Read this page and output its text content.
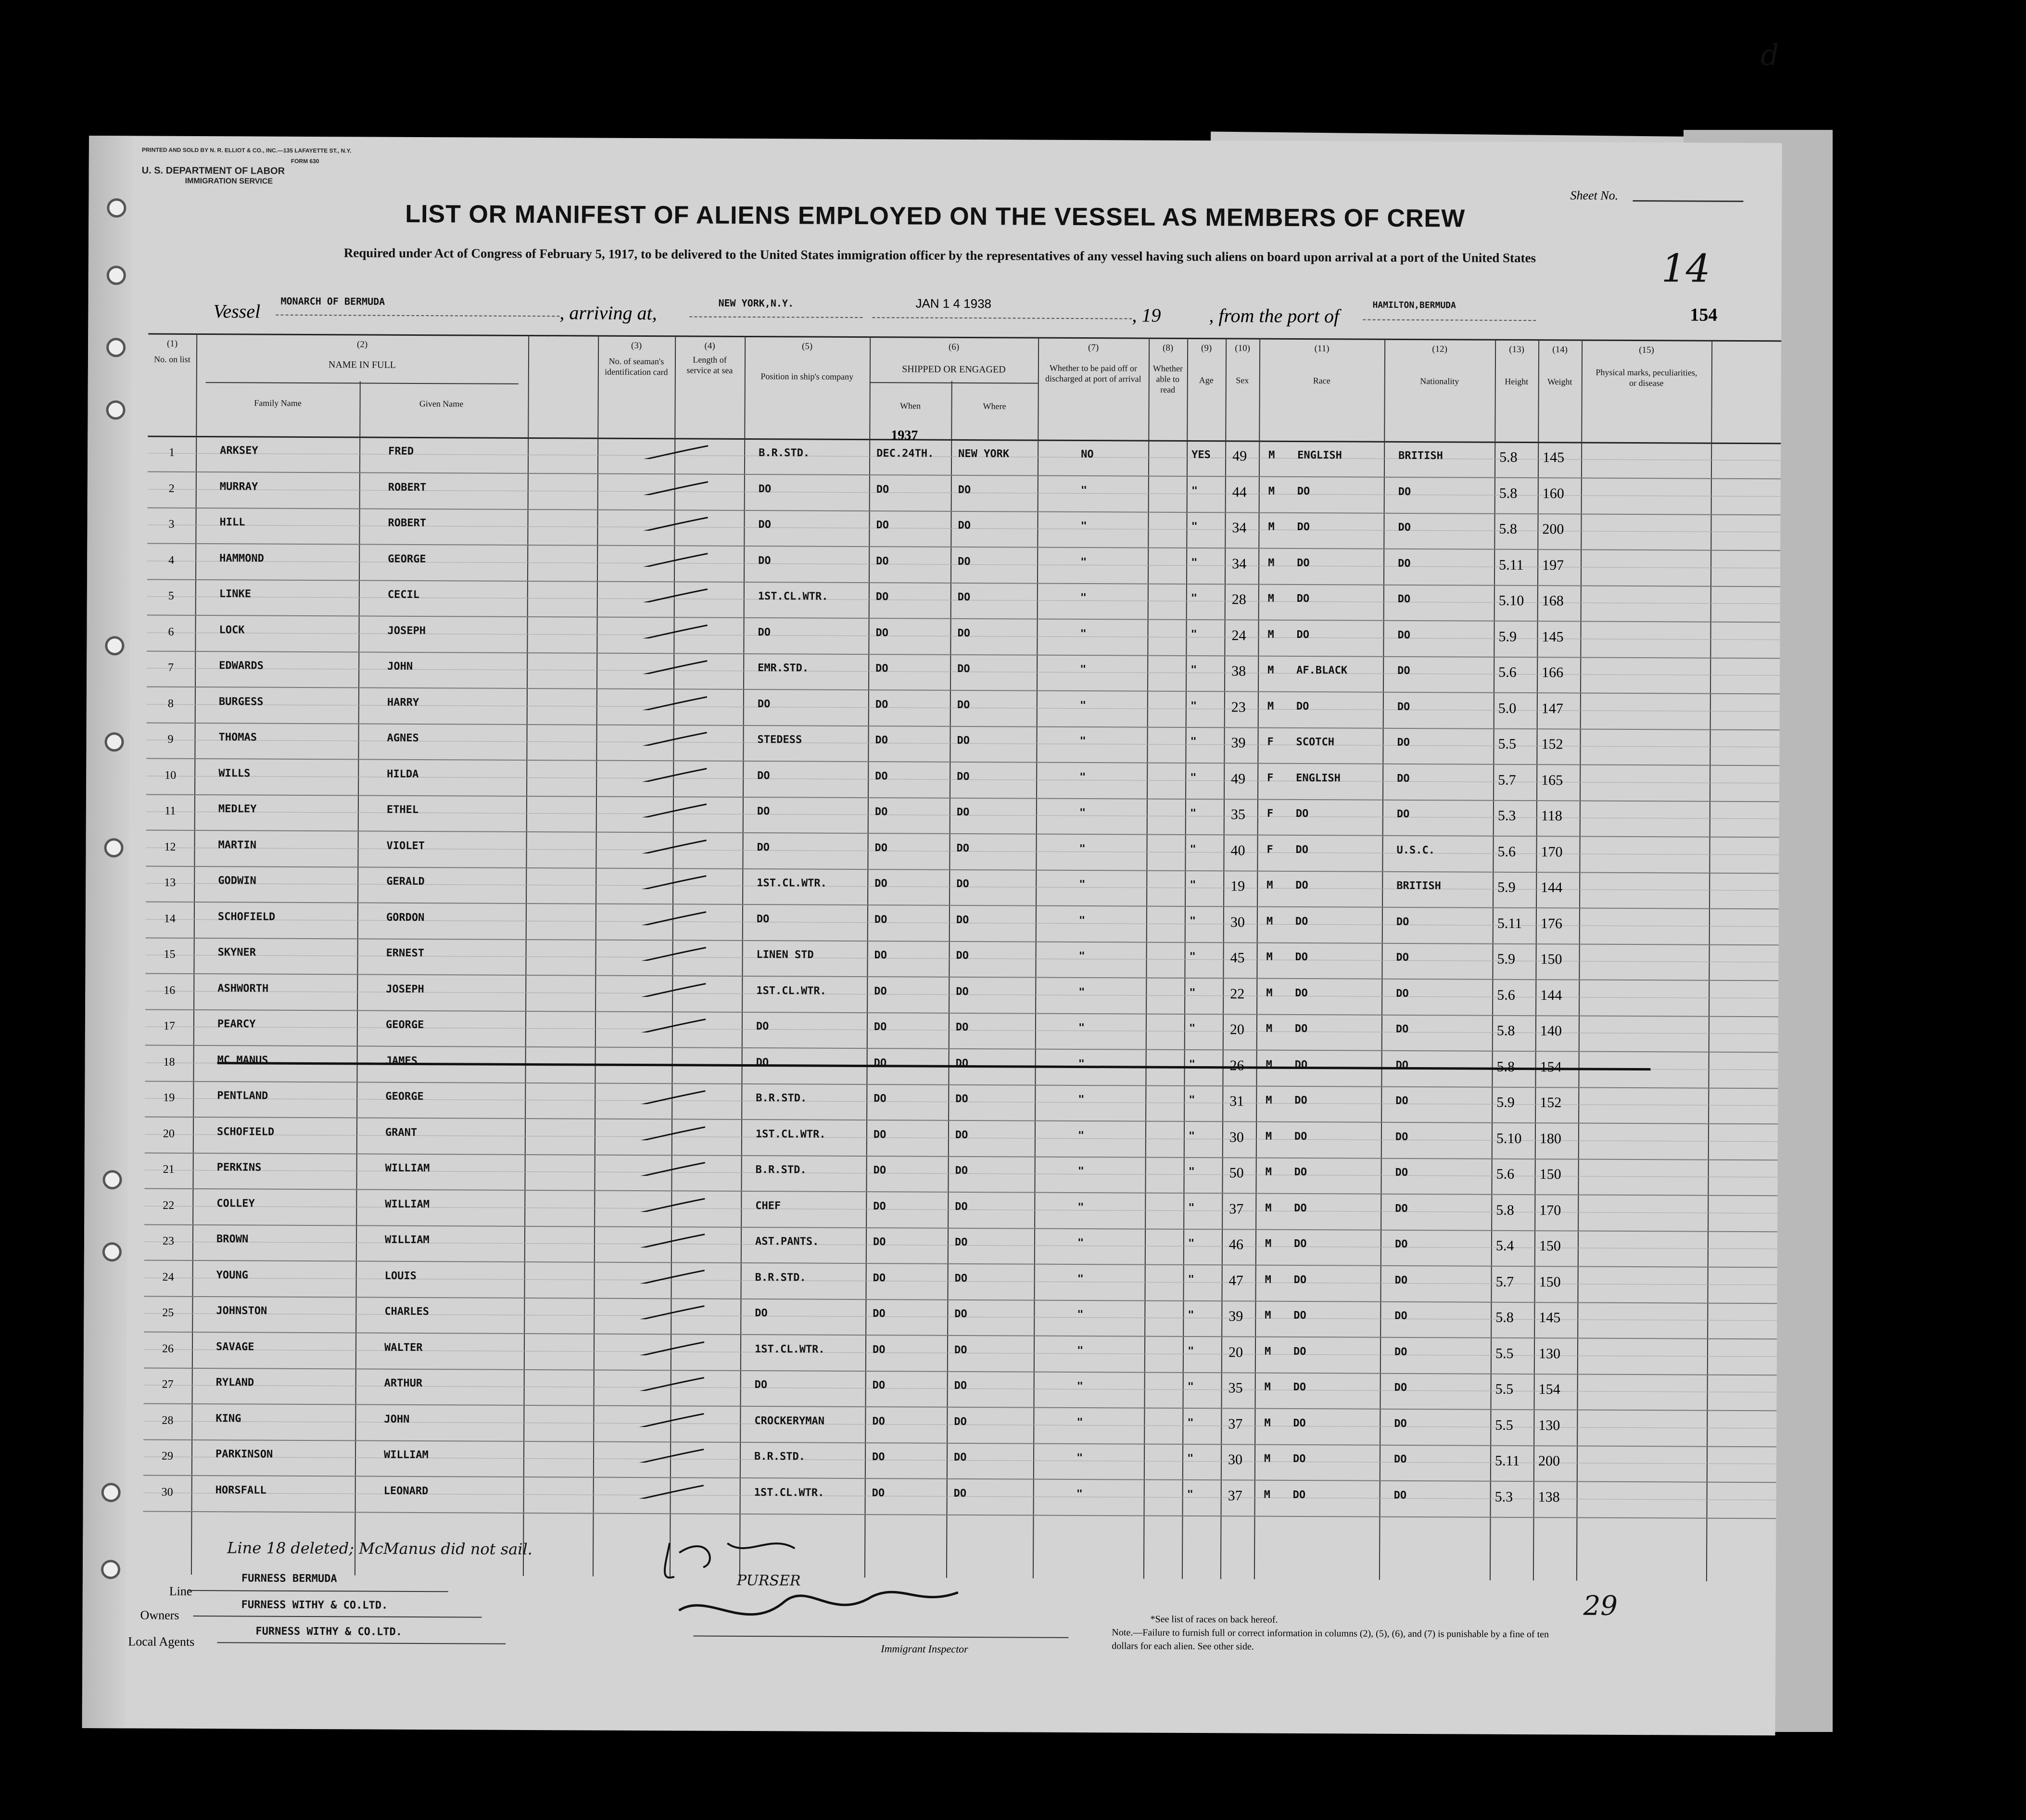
PRINTED AND SOLD BY N. R. ELLIOT & CO., INC.—135 LAFAYETTE ST., N.Y.
FORM 630
U. S. DEPARTMENT OF LABOR
IMMIGRATION SERVICE
Sheet No.
LIST OR MANIFEST OF ALIENS EMPLOYED ON THE VESSEL AS MEMBERS OF CREW
Required under Act of Congress of February 5, 1917, to be delivered to the United States immigration officer by the representatives of any vessel having such aliens on board upon arrival at a port of the United States	14
Vessel MONARCH OF BERMUDA
, arriving at,	NEW YORK,N.Y.	JAN 1 4 1938
, 19 , from the port of	HAMILTON,BERMUDA	154
(1)
No. on list
(2)
NAME IN FULL
Family Name	Given Name
(3)
No. of seaman's identification card
(4)
Length of service at sea
(5)
Position in ship's company
(6)
SHIPPED OR ENGAGED
When	Where
(7)
Whether to be paid off or discharged at port of arrival
(8)
Whether able to read
(9)
Age
(10)
Sex
(11)
Race
(12)
Nationality
(13)
Height
(14)
Weight
(15)
Physical marks, peculiarities, or disease
1937
1	ARKSEY	FRED	B.R.STD.	DEC.24TH. NEW YORK	NO	YES 49 M ENGLISH	BRITISH	5.8 145
2	MURRAY	ROBERT	DO	DO	DO	"	" 44 M DO	DO	5.8 160
3	HILL	ROBERT	DO	DO	DO	"	" 34 M DO	DO	5.8 200
4	HAMMOND	GEORGE	DO	DO	DO	"	" 34 M DO	DO	5.11 197
5	LINKE	CECIL	1ST.CL.WTR.	DO	DO	"	" 28 M DO	DO	5.10 168
6	LOCK	JOSEPH	DO	DO	DO	"	" 24 M DO	DO	5.9 145
7	EDWARDS	JOHN	EMR.STD.	DO	DO	"	" 38 M AF.BLACK	DO	5.6 166
8	BURGESS	HARRY	DO	DO	DO	"	" 23 M DO	DO	5.0 147
9	THOMAS	AGNES	STEDESS	DO	DO	"	" 39 F SCOTCH	DO	5.5 152
10	WILLS	HILDA	DO	DO	DO	"	" 49 F ENGLISH	DO	5.7 165
11	MEDLEY	ETHEL	DO	DO	DO	"	" 35 F DO	DO	5.3 118
12	MARTIN	VIOLET	DO	DO	DO	"	" 40 F DO	U.S.C.	5.6 170
13	GODWIN	GERALD	1ST.CL.WTR.	DO	DO	"	" 19 M DO	BRITISH	5.9 144
14	SCHOFIELD	GORDON	DO	DO	DO	"	" 30 M DO	DO	5.11 176
15	SKYNER	ERNEST	LINEN STD	DO	DO	"	" 45 M DO	DO	5.9 150
16	ASHWORTH	JOSEPH	1ST.CL.WTR.	DO	DO	"	" 22 M DO	DO	5.6 144
17	PEARCY	GEORGE	DO	DO	DO	"	" 20 M DO	DO	5.8 140
18	MC MANUS	JAMES	DO	DO	DO	"	" 26 M DO	DO	5.8 154
19	PENTLAND	GEORGE	B.R.STD.	DO	DO	"	" 31 M DO	DO	5.9 152
20	SCHOFIELD	GRANT	1ST.CL.WTR.	DO	DO	"	" 30 M DO	DO	5.10 180
21	PERKINS	WILLIAM	B.R.STD.	DO	DO	"	" 50 M DO	DO	5.6 150
22	COLLEY	WILLIAM	CHEF	DO	DO	"	" 37 M DO	DO	5.8 170
23	BROWN	WILLIAM	AST.PANTS.	DO	DO	"	" 46 M DO	DO	5.4 150
24	YOUNG	LOUIS	B.R.STD.	DO	DO	"	" 47 M DO	DO	5.7 150
25	JOHNSTON	CHARLES	DO	DO	DO	"	" 39 M DO	DO	5.8 145
26	SAVAGE	WALTER	1ST.CL.WTR.	DO	DO	"	" 20 M DO	DO	5.5 130
27	RYLAND	ARTHUR	DO	DO	DO	"	" 35 M DO	DO	5.5 154
28	KING	JOHN	CROCKERYMAN	DO	DO	"	" 37 M DO	DO	5.5 130
29	PARKINSON	WILLIAM	B.R.STD.	DO	DO	"	" 30 M DO	DO	5.11 200
30	HORSFALL	LEONARD	1ST.CL.WTR.	DO	DO	"	" 37 M DO	DO	5.3 138
Line 18 deleted; McManus did not sail.
Line
FURNESS BERMUDA
Owners
FURNESS WITHY & CO.LTD.
Local Agents
FURNESS WITHY & CO.LTD.
PURSER
Immigrant Inspector
*See list of races on back hereof.
Note.—Failure to furnish full or correct information in columns (2), (5), (6), and (7) is punishable by a fine of ten dollars for each alien. See other side.
29
d
